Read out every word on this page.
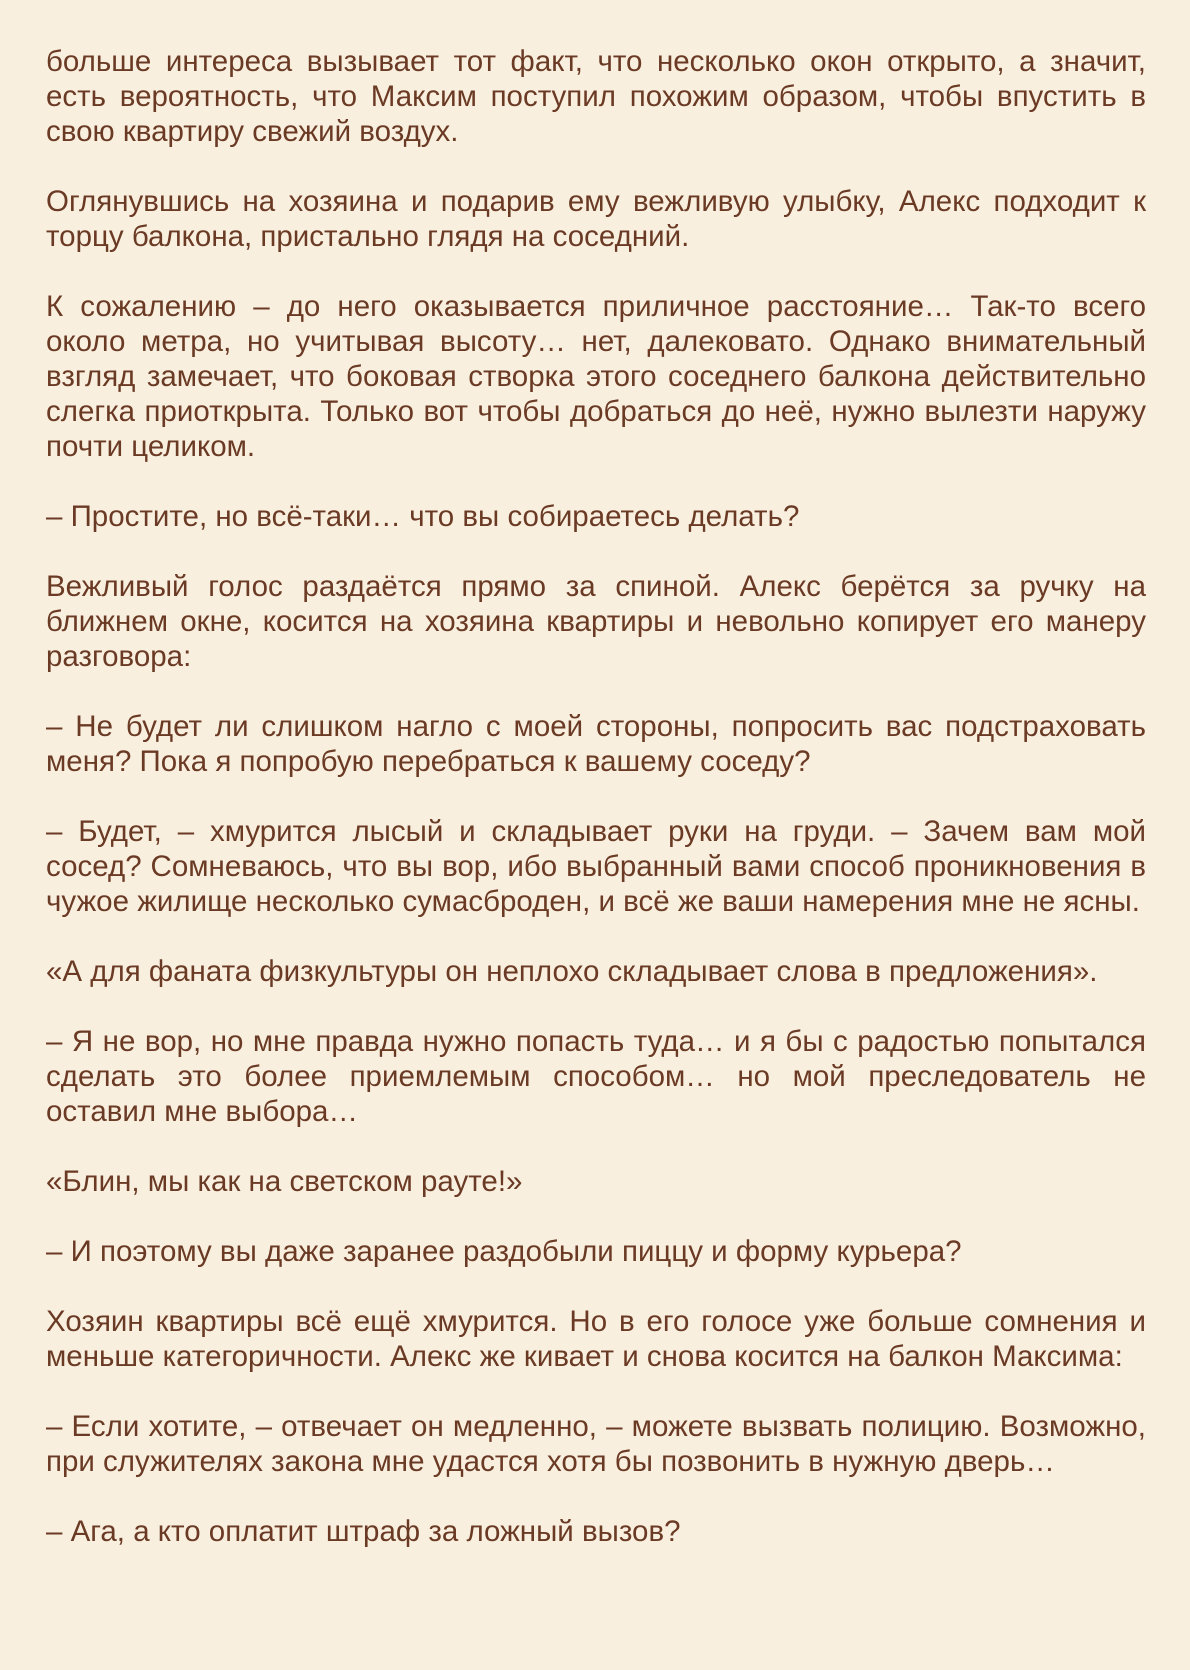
больше интереса вызывает тот факт, что несколько окон открыто, а значит, есть вероятность, что Максим поступил похожим образом, чтобы впустить в свою квартиру свежий воздух.

Оглянувшись на хозяина и подарив ему вежливую улыбку, Алекс подходит к торцу балкона, пристально глядя на соседний.

К сожалению – до него оказывается приличное расстояние… Так-то всего около метра, но учитывая высоту… нет, далековато. Однако внимательный взгляд замечает, что боковая створка этого соседнего балкона действительно слегка приоткрыта. Только вот чтобы добраться до неё, нужно вылезти наружу почти целиком.

– Простите, но всё-таки… что вы собираетесь делать?

Вежливый голос раздаётся прямо за спиной. Алекс берётся за ручку на ближнем окне, косится на хозяина квартиры и невольно копирует его манеру разговора:

– Не будет ли слишком нагло с моей стороны, попросить вас подстраховать меня? Пока я попробую перебраться к вашему соседу?

– Будет, – хмурится лысый и складывает руки на груди. – Зачем вам мой сосед? Сомневаюсь, что вы вор, ибо выбранный вами способ проникновения в чужое жилище несколько сумасброден, и всё же ваши намерения мне не ясны.

«А для фаната физкультуры он неплохо складывает слова в предложения».

– Я не вор, но мне правда нужно попасть туда… и я бы с радостью попытался сделать это более приемлемым способом… но мой преследователь не оставил мне выбора…

«Блин, мы как на светском рауте!»

– И поэтому вы даже заранее раздобыли пиццу и форму курьера?

Хозяин квартиры всё ещё хмурится. Но в его голосе уже больше сомнения и меньше категоричности. Алекс же кивает и снова косится на балкон Максима:

– Если хотите, – отвечает он медленно, – можете вызвать полицию. Возможно, при служителях закона мне удастся хотя бы позвонить в нужную дверь…

– Ага, а кто оплатит штраф за ложный вызов?
